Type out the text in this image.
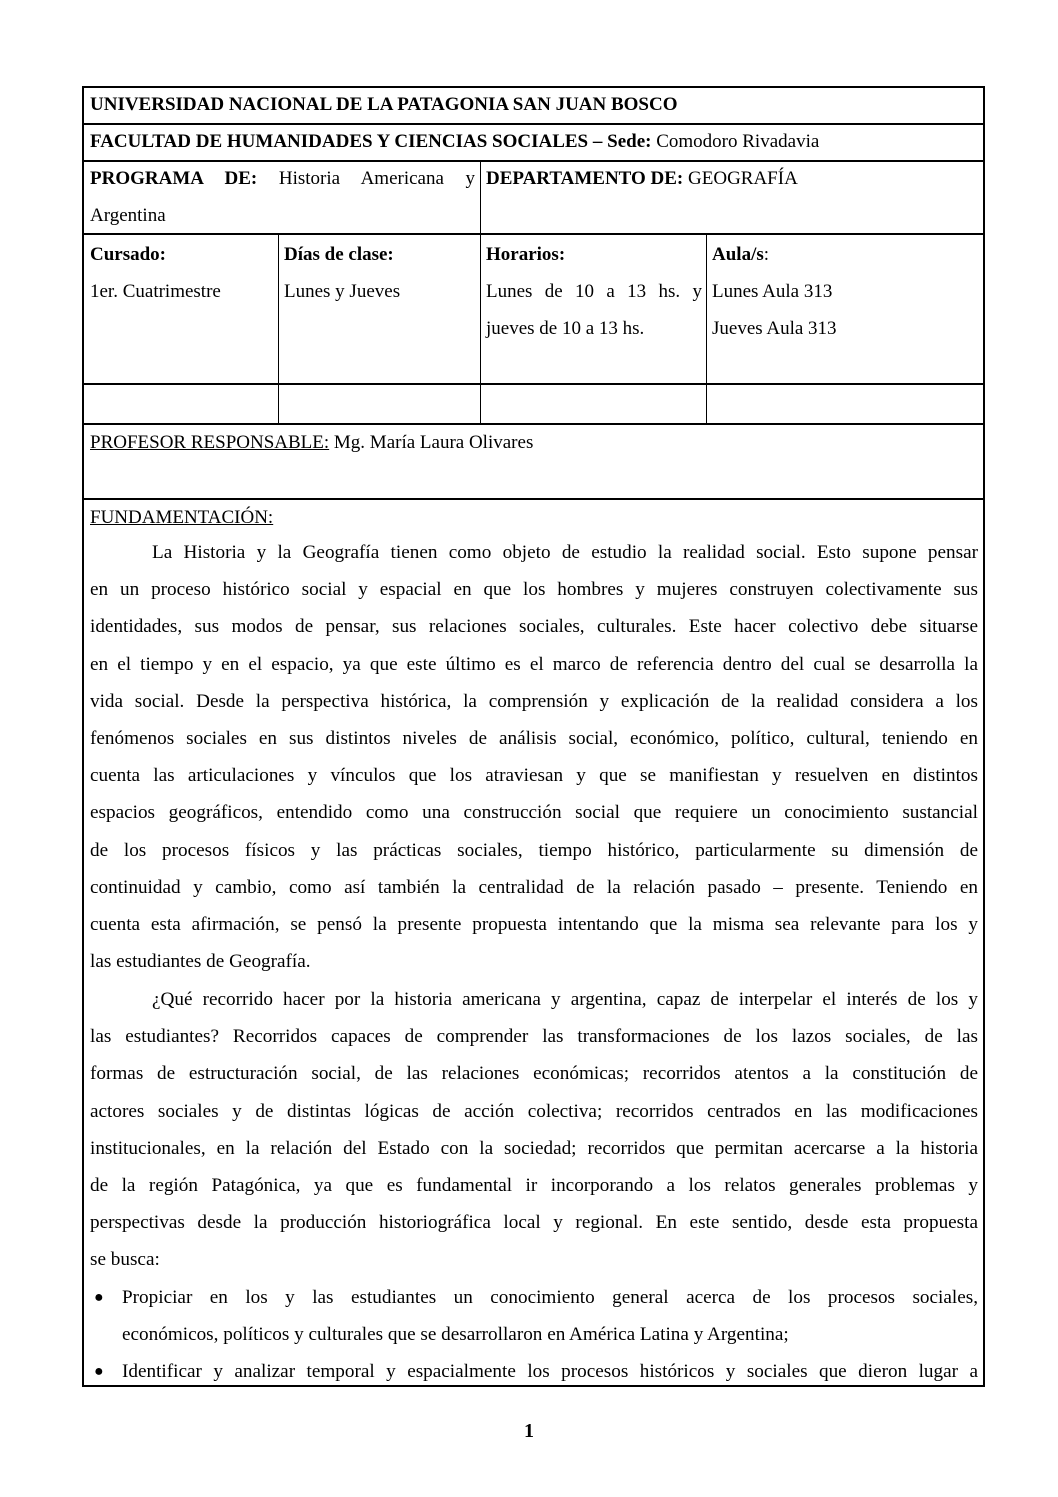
UNIVERSIDAD NACIONAL DE LA PATAGONIA SAN JUAN BOSCO
FACULTAD DE HUMANIDADES Y CIENCIAS SOCIALES – Sede: Comodoro Rivadavia
PROGRAMA DE: Historia Americana y
Argentina
DEPARTAMENTO DE: GEOGRAFÍA
Cursado:
1er. Cuatrimestre
Días de clase:
Lunes y Jueves
Horarios:
Lunes de 10 a 13 hs. y
jueves de 10 a 13 hs.
Aula/s:
Lunes Aula 313
Jueves Aula 313
PROFESOR RESPONSABLE: Mg. María Laura Olivares
FUNDAMENTACIÓN:
La Historia y la Geografía tienen como objeto de estudio la realidad social. Esto supone pensar
en un proceso histórico social y espacial en que los hombres y mujeres construyen colectivamente sus
identidades, sus modos de pensar, sus relaciones sociales, culturales. Este hacer colectivo debe situarse
en el tiempo y en el espacio, ya que este último es el marco de referencia dentro del cual se desarrolla la
vida social. Desde la perspectiva histórica, la comprensión y explicación de la realidad considera a los
fenómenos sociales en sus distintos niveles de análisis social, económico, político, cultural, teniendo en
cuenta las articulaciones y vínculos que los atraviesan y que se manifiestan y resuelven en distintos
espacios geográficos, entendido como una construcción social que requiere un conocimiento sustancial
de los procesos físicos y las prácticas sociales, tiempo histórico, particularmente su dimensión de
continuidad y cambio, como así también la centralidad de la relación pasado – presente. Teniendo en
cuenta esta afirmación, se pensó la presente propuesta intentando que la misma sea relevante para los y
las estudiantes de Geografía.
¿Qué recorrido hacer por la historia americana y argentina, capaz de interpelar el interés de los y
las estudiantes? Recorridos capaces de comprender las transformaciones de los lazos sociales, de las
formas de estructuración social, de las relaciones económicas; recorridos atentos a la constitución de
actores sociales y de distintas lógicas de acción colectiva; recorridos centrados en las modificaciones
institucionales, en la relación del Estado con la sociedad; recorridos que permitan acercarse a la historia
de la región Patagónica, ya que es fundamental ir incorporando a los relatos generales problemas y
perspectivas desde la producción historiográfica local y regional. En este sentido, desde esta propuesta
se busca:
● Propiciar en los y las estudiantes un conocimiento general acerca de los procesos sociales,
económicos, políticos y culturales que se desarrollaron en América Latina y Argentina;
● Identificar y analizar temporal y espacialmente los procesos históricos y sociales que dieron lugar a
1
